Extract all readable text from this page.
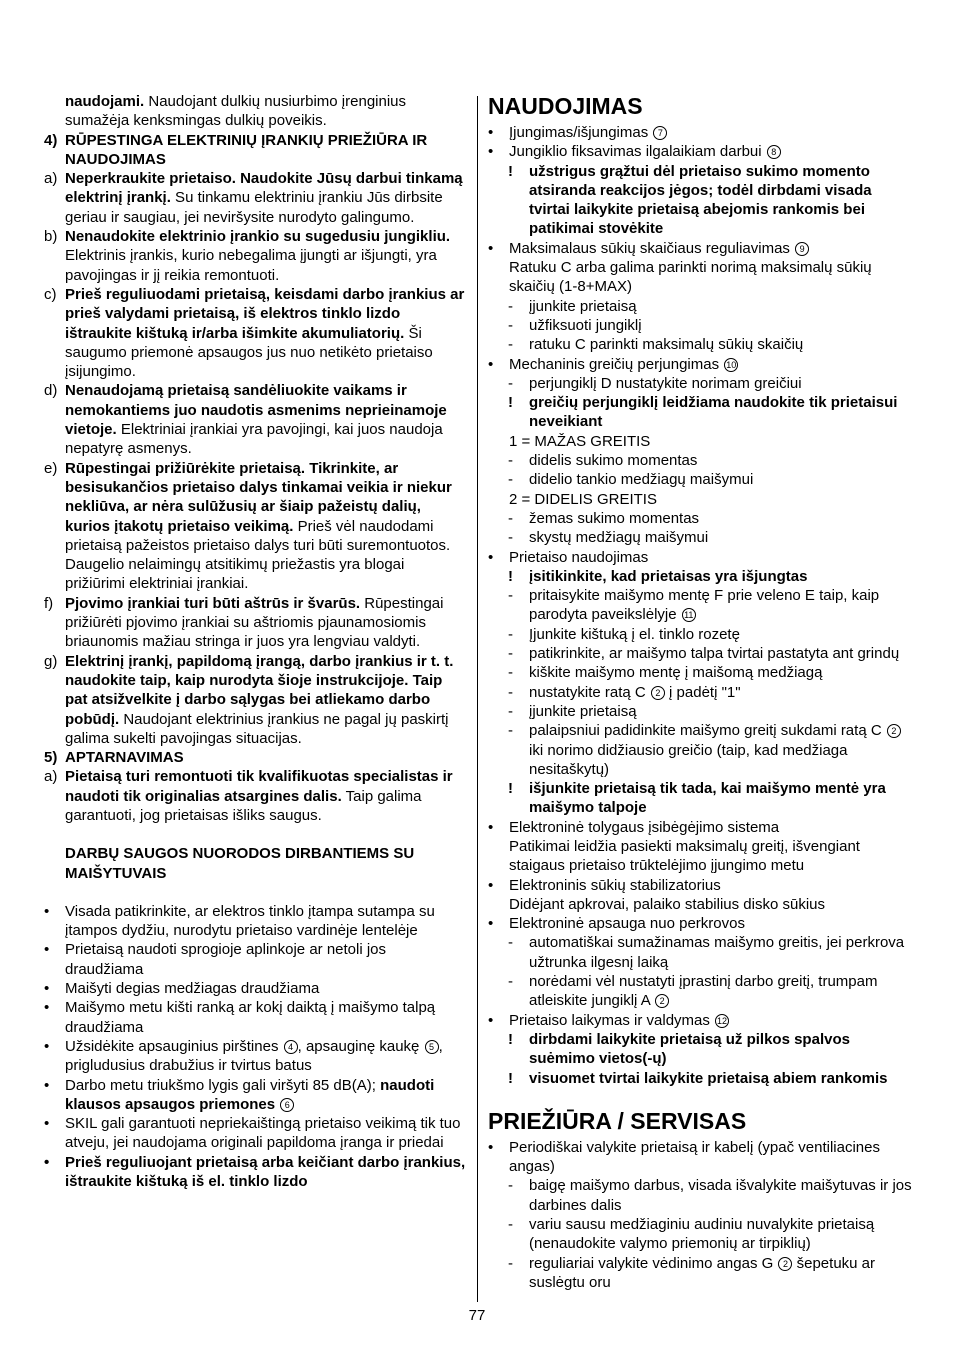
naudojami. Naudojant dulkių nusiurbimo įrenginius sumažėja kenksmingas dulkių poveikis.
4) RŪPESTINGA ELEKTRINIŲ ĮRANKIŲ PRIEŽIŪRA IR NAUDOJIMAS
a) Neperkraukite prietaiso. Naudokite Jūsų darbui tinkamą elektrinį įrankį. Su tinkamu elektriniu įrankiu Jūs dirbsite geriau ir saugiau, jei neviršysite nurodyto galingumo.
b) Nenaudokite elektrinio įrankio su sugedusiu jungikliu. Elektrinis įrankis, kurio nebegalima įjungti ar išjungti, yra pavojingas ir jį reikia remontuoti.
c) Prieš reguliuodami prietaisą, keisdami darbo įrankius ar prieš valydami prietaisą, iš elektros tinklo lizdo ištraukite kištuką ir/arba išimkite akumuliatorių. Ši saugumo priemonė apsaugos jus nuo netikėto prietaiso įsijungimo.
d) Nenaudojamą prietaisą sandėliuokite vaikams ir nemokantiems juo naudotis asmenims neprieinamoje vietoje. Elektriniai įrankiai yra pavojingi, kai juos naudoja nepatyrę asmenys.
e) Rūpestingai prižiūrėkite prietaisą. Tikrinkite, ar besisukančios prietaiso dalys tinkamai veikia ir niekur nekliūva, ar nėra sulūžusių ar šiaip pažeistų dalių, kurios įtakotų prietaiso veikimą. Prieš vėl naudodami prietaisą pažeistos prietaiso dalys turi būti suremontuotos. Daugelio nelaimingų atsitikimų priežastis yra blogai prižiūrimi elektriniai įrankiai.
f) Pjovimo įrankiai turi būti aštrūs ir švarūs. Rūpestingai prižiūrėti pjovimo įrankiai su aštriomis pjaunamosiomis briaunomis mažiau stringa ir juos yra lengviau valdyti.
g) Elektrinį įrankį, papildomą įrangą, darbo įrankius ir t. t. naudokite taip, kaip nurodyta šioje instrukcijoje. Taip pat atsižvelkite į darbo sąlygas bei atliekamo darbo pobūdį. Naudojant elektrinius įrankius ne pagal jų paskirtį galima sukelti pavojingas situacijas.
5) APTARNAVIMAS
a) Pietaisą turi remontuoti tik kvalifikuotas specialistas ir naudoti tik originalias atsargines dalis. Taip galima garantuoti, jog prietaisas išliks saugus.
DARBŲ SAUGOS NUORODOS DIRBANTIEMS SU MAIŠYTUVAIS
• Visada patikrinkite, ar elektros tinklo įtampa sutampa su įtampos dydžiu, nurodytu prietaiso vardinėje lentelėje
• Prietaisą naudoti sprogioje aplinkoje ar netoli jos draudžiama
• Maišyti degias medžiagas draudžiama
• Maišymo metu kišti ranką ar kokį daiktą į maišymo talpą draudžiama
• Užsidėkite apsauginius pirštines 4 , apsauginę kaukę 5 , prigludusius drabužius ir tvirtus batus
• Darbo metu triukšmo lygis gali viršyti 85 dB(A); naudoti klausos apsaugos priemones 6
• SKIL gali garantuoti nepriekaištingą prietaiso veikimą tik tuo atveju, jei naudojama originali papildoma įranga ir priedai
• Prieš reguliuojant prietaisą arba keičiant darbo įrankius, ištraukite kištuką iš el. tinklo lizdo
NAUDOJIMAS
• Įjungimas/išjungimas 7
• Jungiklio fiksavimas ilgalaikiam darbui 8
! užstrigus grąžtui dėl prietaiso sukimo momento atsiranda reakcijos jėgos; todėl dirbdami visada tvirtai laikykite prietaisą abejomis rankomis bei patikimai stovėkite
• Maksimalaus sūkių skaičiaus reguliavimas 9
Ratuku C arba galima parinkti norimą maksimalų sūkių skaičių (1-8+MAX)
- įjunkite prietaisą
- užfiksuoti jungiklį
- ratuku C parinkti maksimalų sūkių skaičių
• Mechaninis greičių perjungimas 10
- perjungiklį D nustatykite norimam greičiui
! greičių perjungiklį leidžiama naudokite tik prietaisui neveikiant
1 = MAŽAS GREITIS
- didelis sukimo momentas
- didelio tankio medžiagų maišymui
2 = DIDELIS GREITIS
- žemas sukimo momentas
- skystų medžiagų maišymui
• Prietaiso naudojimas
! įsitikinkite, kad prietaisas yra išjungtas
- pritaisykite maišymo mentę F prie veleno E taip, kaip parodyta paveikslėlyje 11
- Įjunkite kištuką į el. tinklo rozetę
- patikrinkite, ar maišymo talpa tvirtai pastatyta ant grindų
- kiškite maišymo mentę į maišomą medžiagą
- nustatykite ratą C 2 į padėtį "1"
- įjunkite prietaisą
- palaipsniui padidinkite maišymo greitį sukdami ratą C 2 iki norimo didžiausio greičio (taip, kad medžiaga nesitaškytų)
! išjunkite prietaisą tik tada, kai maišymo mentė yra maišymo talpoje
• Elektroninė tolygaus įsibėgėjimo sistema
Patikimai leidžia pasiekti maksimalų greitį, išvengiant staigaus prietaiso trūktelėjimo įjungimo metu
• Elektroninis sūkių stabilizatorius
Didėjant apkrovai, palaiko stabilius disko sūkius
• Elektroninė apsauga nuo perkrovos
- automatiškai sumažinamas maišymo greitis, jei perkrova užtrunka ilgesnį laiką
- norėdami vėl nustatyti įprastinį darbo greitį, trumpam atleiskite jungiklį A 2
• Prietaiso laikymas ir valdymas 12
! dirbdami laikykite prietaisą už pilkos spalvos suėmimo vietos(-ų)
! visuomet tvirtai laikykite prietaisą abiem rankomis
PRIEŽIŪRA / SERVISAS
• Periodiškai valykite prietaisą ir kabelį (ypač ventiliacines angas)
- baigę maišymo darbus, visada išvalykite maišytuvas ir jos darbines dalis
- variu sausu medžiaginiu audiniu nuvalykite prietaisą (nenaudokite valymo priemonių ar tirpiklių)
- reguliariai valykite vėdinimo angas G 2 šepetuku ar suslėgtu oru
77
